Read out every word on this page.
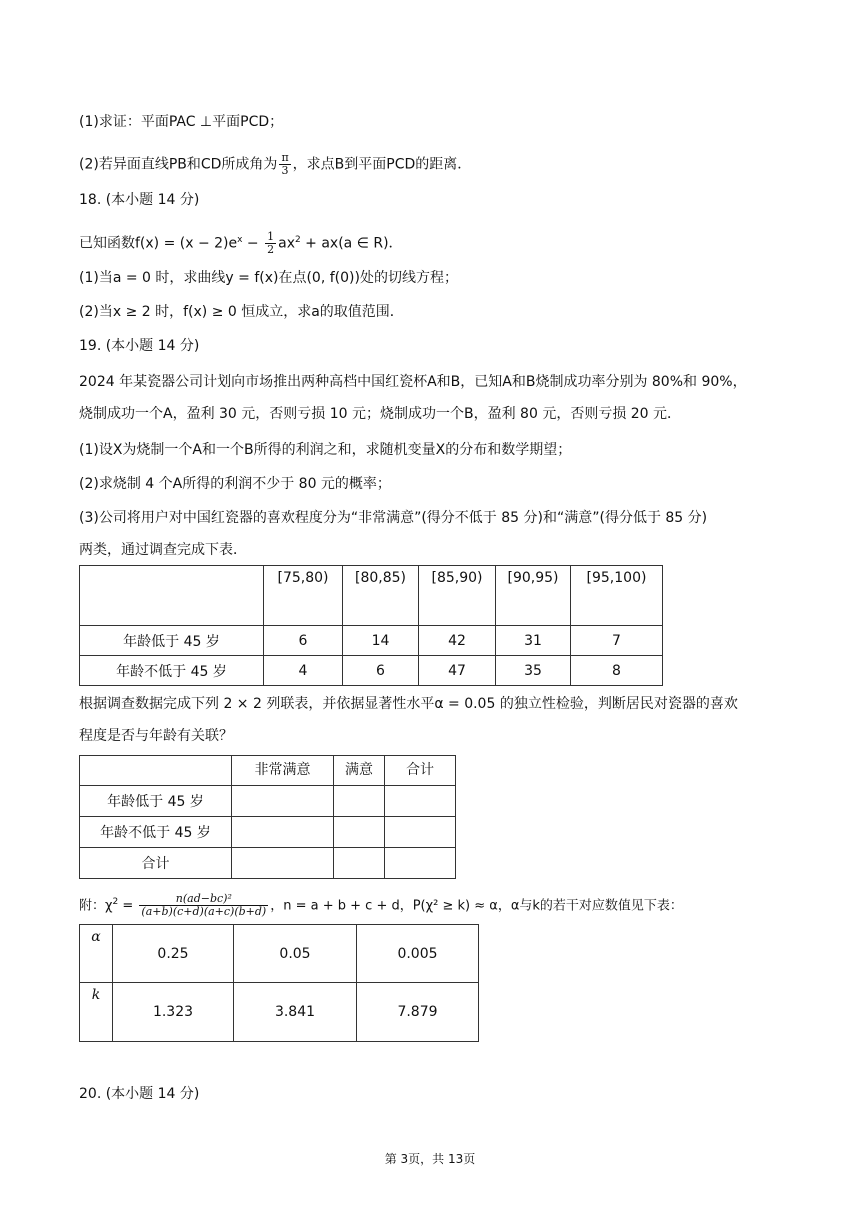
(1)求证：平面PAC ⊥平面PCD；
(2)若异面直线PB和CD所成角为 $\frac{\pi}{3}$ ，求点B到平面PCD的距离．
18. (本小题 14 分)
已知函数$f(x) = (x - 2)e^x - \frac{1}{2} ax^2 + ax(a$ ∈ R)．
(1)当a = 0 时，求曲线y = f(x)在点(0, f(0))处的切线方程；
(2)当x ≥ 2 时，f(x) ≥ 0 恒成立，求a的取值范围．
19. (本小题 14 分)
2024 年某瓷器公司计划向市场推出两种高档中国红瓷杯A和B，已知A和B烧制成功率分别为 80%和 90%，
烧制成功一个A，盈利 30 元，否则亏损 10 元；烧制成功一个B，盈利 80 元，否则亏损 20 元．
(1)设X为烧制一个A和一个B所得的利润之和，求随机变量X的分布和数学期望；
(2)求烧制 4 个A所得的利润不少于 80 元的概率；
(3)公司将用户对中国红瓷器的喜欢程度分为“非常满意”(得分不低于 85 分)和“满意”(得分低于 85 分)
两类，通过调查完成下表．
	[75,80)	[80,85)	[85,90)	[90,95)	[95,100)
年龄低于 45 岁	6	14	42	31	7
年龄不低于 45 岁	4	6	47	35	8
根据调查数据完成下列 2 × 2 列联表，并依据显著性水平α = 0.05 的独立性检验，判断居民对瓷器的喜欢
程度是否与年龄有关联？
	非常满意	满意	合计
年龄低于 45 岁			
年龄不低于 45 岁			
合计			
附：$\chi^2 = \frac{\text{n(ad−bc)²}}{(a+b)(c+d)(a+c)(b+d)}$ ，n = a + b + c + d，P(χ² ≥ k) ≈ α，α与k的若干对应数值见下表：
α	0.25	0.05	0.005
k	1.323	3.841	7.879
20. (本小题 14 分)
第 3页，共 13页
